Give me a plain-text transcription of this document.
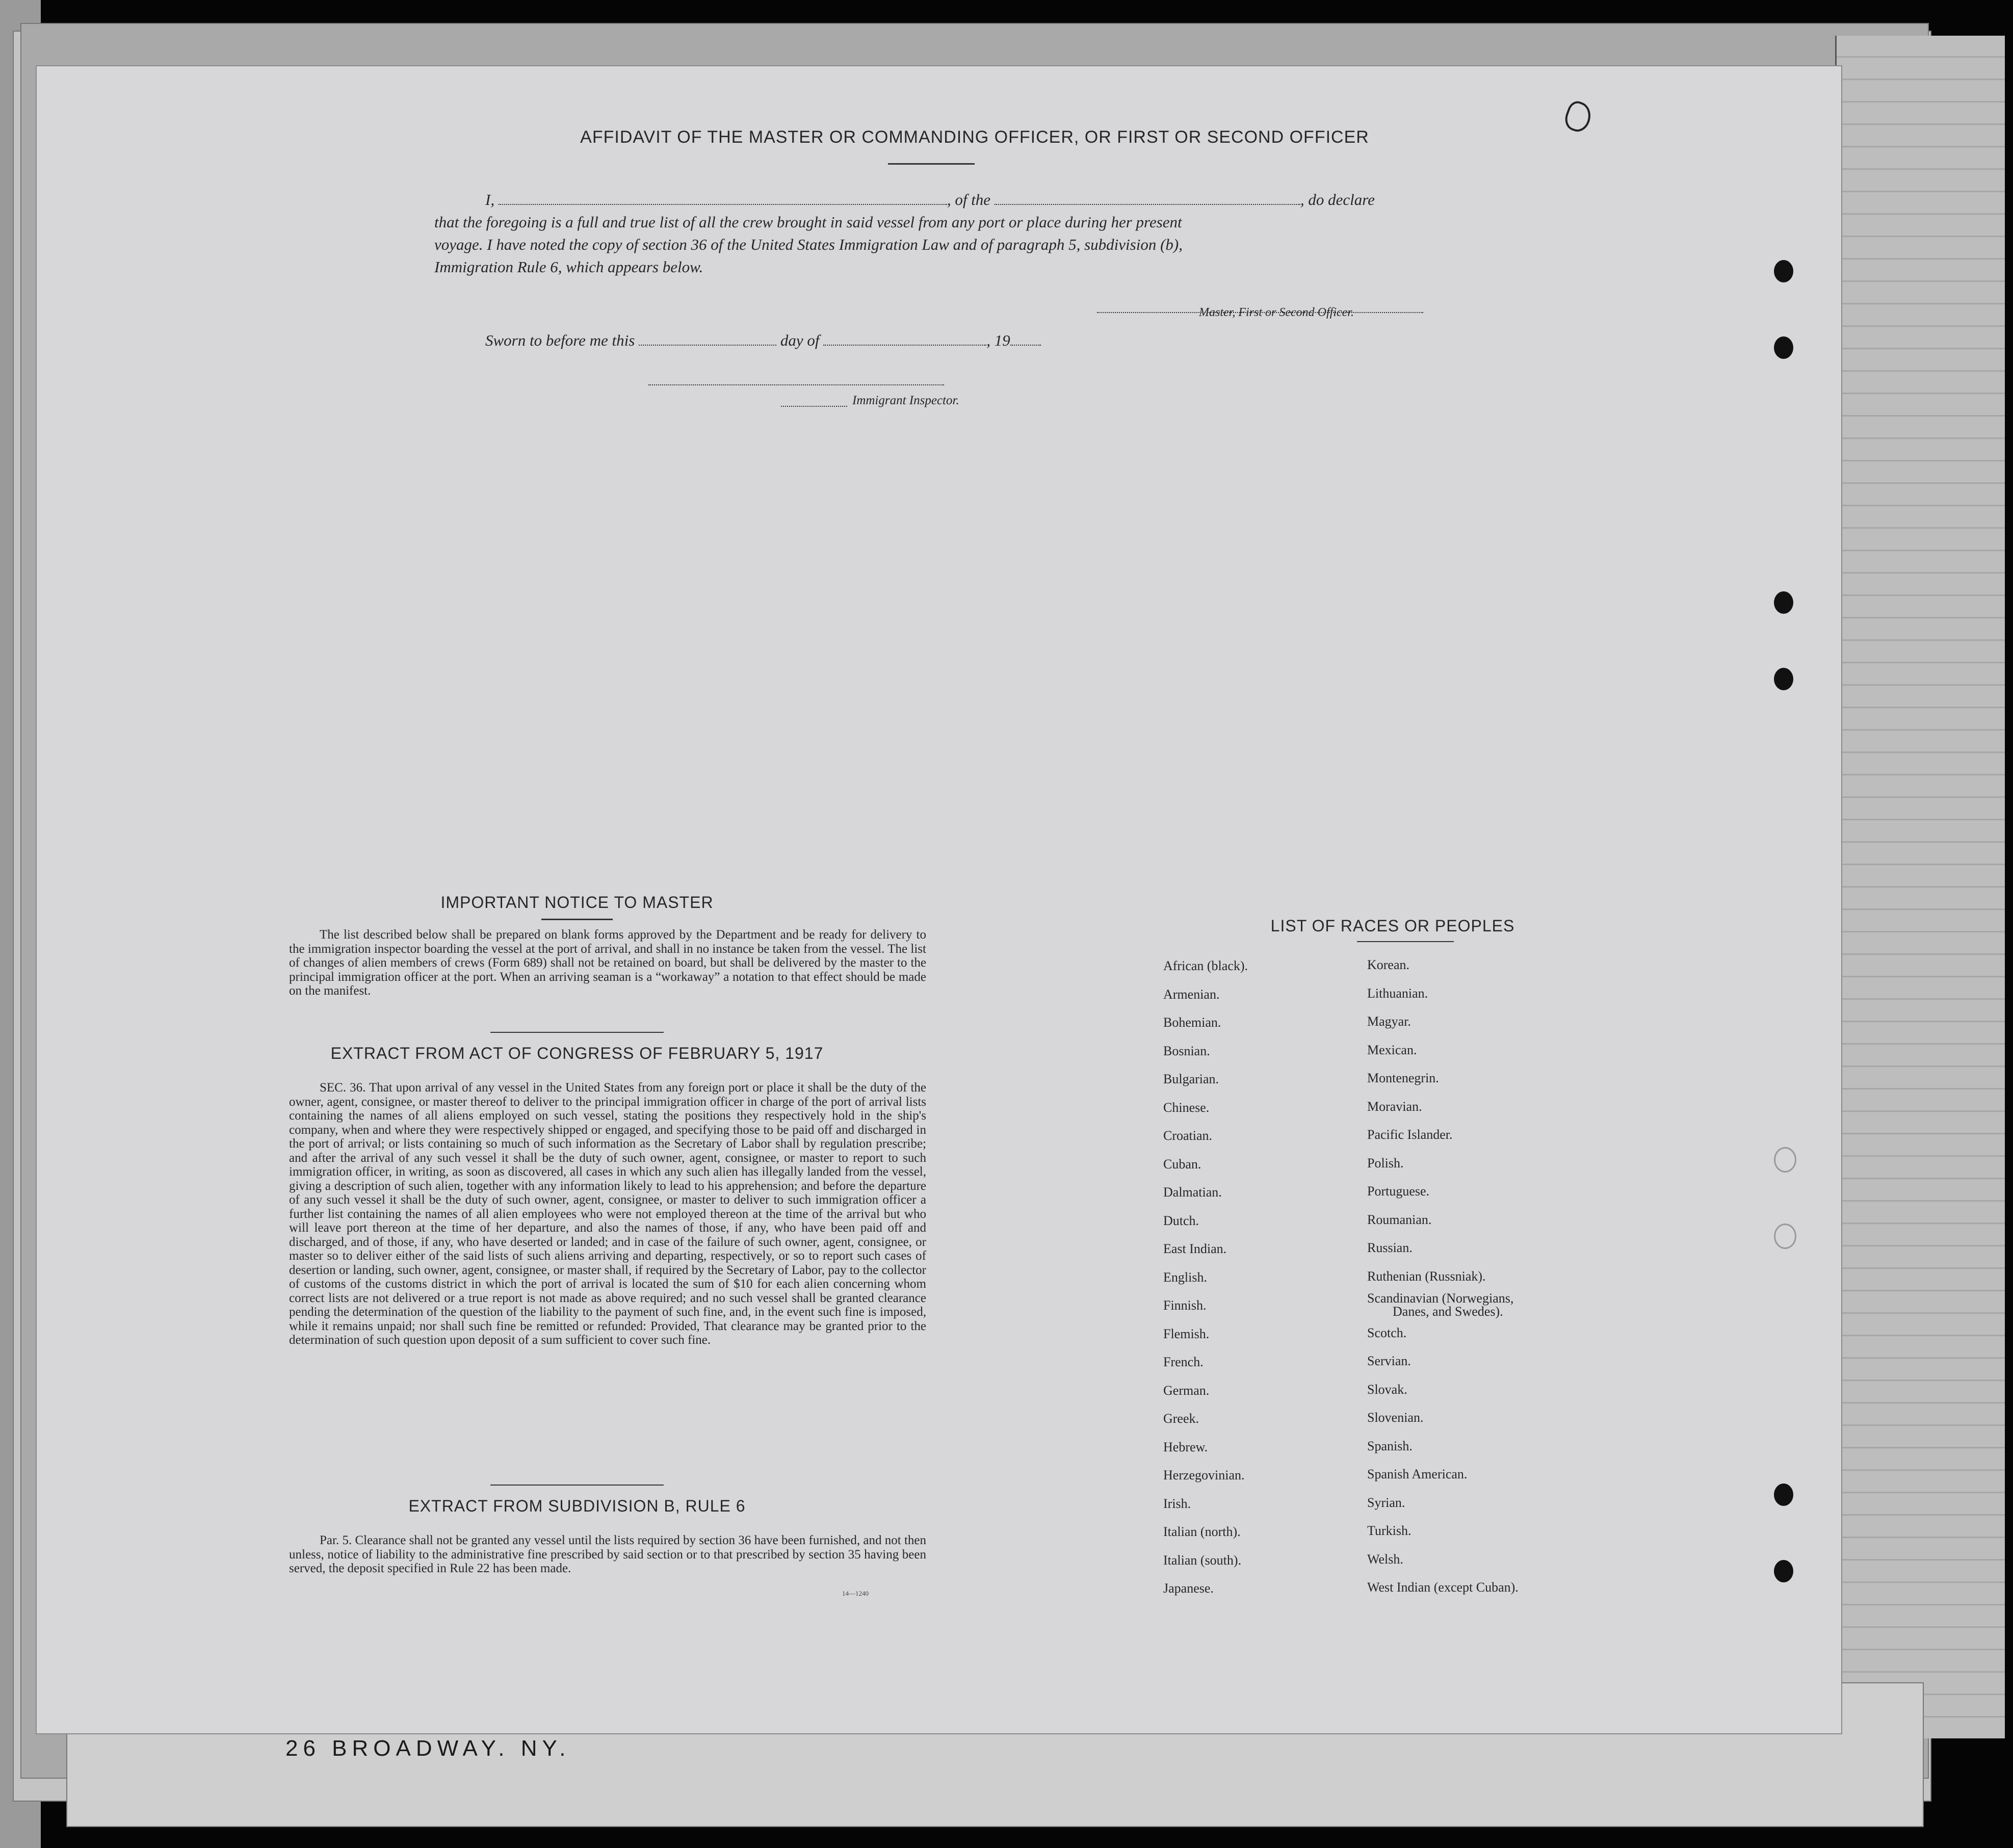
26 BROADWAY. NY.
AFFIDAVIT OF THE MASTER OR COMMANDING OFFICER, OR FIRST OR SECOND OFFICER
I,	, of the	, do declare
that the foregoing is a full and true list of all the crew brought in said vessel from any port or place during her present
voyage. I have noted the copy of section 36 of the United States Immigration Law and of paragraph 5, subdivision (b),
Immigration Rule 6, which appears below.
Master, First or Second Officer.
Sworn to before me this	day of	, 19
Immigrant Inspector.
IMPORTANT NOTICE TO MASTER

The list described below shall be prepared on blank forms approved by the Department and be ready for delivery to the immigration inspector boarding the vessel at the port of arrival, and shall in no instance be taken from the vessel. The list of changes of alien members of crews (Form 689) shall not be retained on board, but shall be delivered by the master to the principal immigration officer at the port. When an arriving seaman is a “workaway” a notation to that effect should be made on the manifest.

EXTRACT FROM ACT OF CONGRESS OF FEBRUARY 5, 1917

SEC. 36. That upon arrival of any vessel in the United States from any foreign port or place it shall be the duty of the owner, agent, consignee, or master thereof to deliver to the principal immigration officer in charge of the port of arrival lists containing the names of all aliens employed on such vessel, stating the positions they respectively hold in the ship's company, when and where they were respectively shipped or engaged, and specifying those to be paid off and discharged in the port of arrival; or lists containing so much of such information as the Secretary of Labor shall by regulation prescribe; and after the arrival of any such vessel it shall be the duty of such owner, agent, consignee, or master to report to such immigration officer, in writing, as soon as discovered, all cases in which any such alien has illegally landed from the vessel, giving a description of such alien, together with any information likely to lead to his apprehension; and before the departure of any such vessel it shall be the duty of such owner, agent, consignee, or master to deliver to such immigration officer a further list containing the names of all alien employees who were not employed thereon at the time of the arrival but who will leave port thereon at the time of her departure, and also the names of those, if any, who have been paid off and discharged, and of those, if any, who have deserted or landed; and in case of the failure of such owner, agent, consignee, or master so to deliver either of the said lists of such aliens arriving and departing, respectively, or so to report such cases of desertion or landing, such owner, agent, consignee, or master shall, if required by the Secretary of Labor, pay to the collector of customs of the customs district in which the port of arrival is located the sum of $10 for each alien concerning whom correct lists are not delivered or a true report is not made as above required; and no such vessel shall be granted clearance pending the determination of the question of the liability to the payment of such fine, and, in the event such fine is imposed, while it remains unpaid; nor shall such fine be remitted or refunded: Provided, That clearance may be granted prior to the determination of such question upon deposit of a sum sufficient to cover such fine.

EXTRACT FROM SUBDIVISION B, RULE 6

Par. 5. Clearance shall not be granted any vessel until the lists required by section 36 have been furnished, and not then unless, notice of liability to the administrative fine prescribed by said section or to that prescribed by section 35 having been served, the deposit specified in Rule 22 has been made.

14—1240
LIST OF RACES OR PEOPLES
African (black).	Korean.
Armenian.	Lithuanian.
Bohemian.	Magyar.
Bosnian.	Mexican.
Bulgarian.	Montenegrin.
Chinese.	Moravian.
Croatian.	Pacific Islander.
Cuban.	Polish.
Dalmatian.	Portuguese.
Dutch.	Roumanian.
East Indian.	Russian.
English.	Ruthenian (Russniak).
Finnish.	Scandinavian (Norwegians,
Danes, and Swedes).
Flemish.	Scotch.
French.	Servian.
German.	Slovak.
Greek.	Slovenian.
Hebrew.	Spanish.
Herzegovinian.	Spanish American.
Irish.	Syrian.
Italian (north).	Turkish.
Italian (south).	Welsh.
Japanese.	West Indian (except Cuban).
